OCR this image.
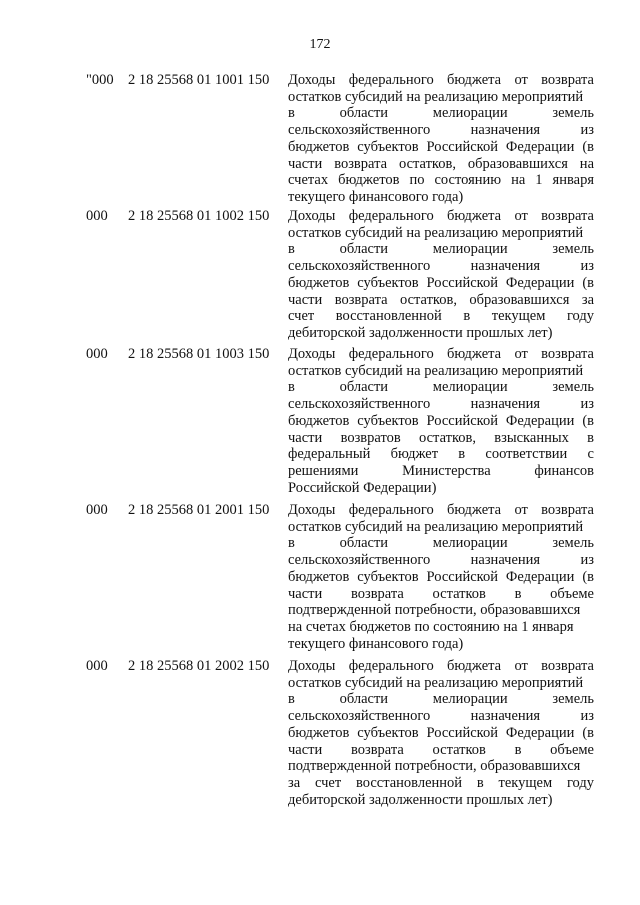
172
"000 2 18 25568 01 1001 150 Доходы федерального бюджета от возврата
остатков субсидий на реализацию мероприятий
в области мелиорации земель
сельскохозяйственного назначения из
бюджетов субъектов Российской Федерации (в
части возврата остатков, образовавшихся на
счетах бюджетов по состоянию на 1 января
текущего финансового года)
000 2 18 25568 01 1002 150 Доходы федерального бюджета от возврата
остатков субсидий на реализацию мероприятий
в области мелиорации земель
сельскохозяйственного назначения из
бюджетов субъектов Российской Федерации (в
части возврата остатков, образовавшихся за
счет восстановленной в текущем году
дебиторской задолженности прошлых лет)
000 2 18 25568 01 1003 150 Доходы федерального бюджета от возврата
остатков субсидий на реализацию мероприятий
в области мелиорации земель
сельскохозяйственного назначения из
бюджетов субъектов Российской Федерации (в
части возвратов остатков, взысканных в
федеральный бюджет в соответствии с
решениями Министерства финансов
Российской Федерации)
000 2 18 25568 01 2001 150 Доходы федерального бюджета от возврата
остатков субсидий на реализацию мероприятий
в области мелиорации земель
сельскохозяйственного назначения из
бюджетов субъектов Российской Федерации (в
части возврата остатков в объеме
подтвержденной потребности, образовавшихся
на счетах бюджетов по состоянию на 1 января
текущего финансового года)
000 2 18 25568 01 2002 150 Доходы федерального бюджета от возврата
остатков субсидий на реализацию мероприятий
в области мелиорации земель
сельскохозяйственного назначения из
бюджетов субъектов Российской Федерации (в
части возврата остатков в объеме
подтвержденной потребности, образовавшихся
за счет восстановленной в текущем году
дебиторской задолженности прошлых лет)
